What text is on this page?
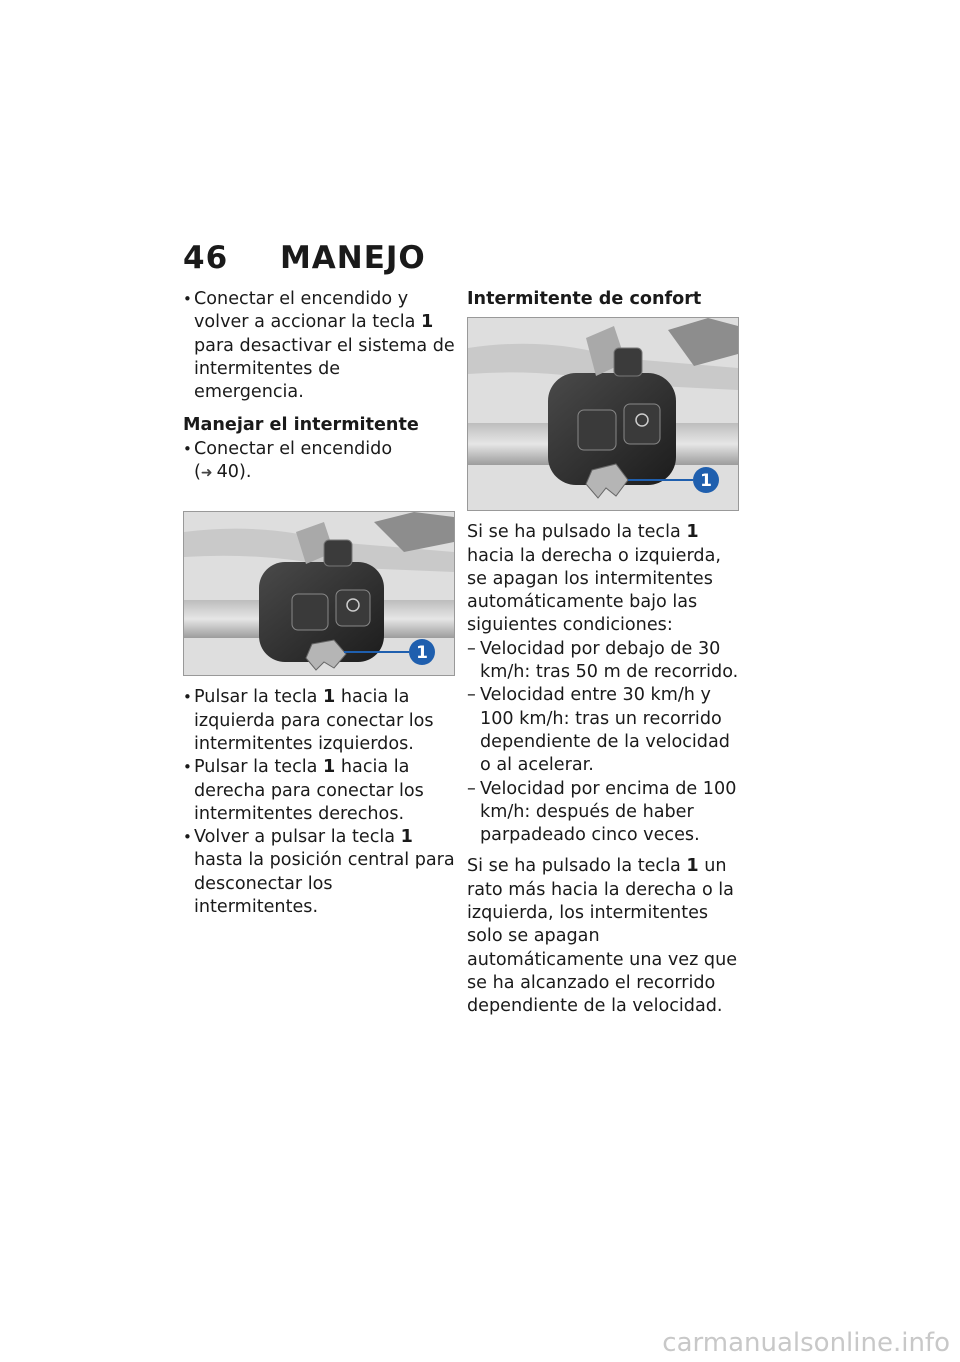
46 MANEJO
• Conectar el encendido y volver a accionar la tecla 1 para desactivar el sistema de intermitentes de emergencia.
Manejar el intermitente
• Conectar el encendido
(➜ 40).
1
• Pulsar la tecla 1 hacia la izquierda para conectar los intermitentes izquierdos.
• Pulsar la tecla 1 hacia la derecha para conectar los intermitentes derechos.
• Volver a pulsar la tecla 1 hasta la posición central para desconectar los intermitentes.
Intermitente de confort
1
Si se ha pulsado la tecla 1 hacia la derecha o izquierda, se apagan los intermitentes automáticamente bajo las siguientes condiciones:
– Velocidad por debajo de 30 km/h: tras 50 m de recorrido.
– Velocidad entre 30 km/h y 100 km/h: tras un recorrido dependiente de la velocidad o al acelerar.
– Velocidad por encima de 100 km/h: después de haber parpadeado cinco veces.
Si se ha pulsado la tecla 1 un rato más hacia la derecha o la izquierda, los intermitentes solo se apagan automáticamente una vez que se ha alcanzado el recorrido dependiente de la velocidad.
carmanualsonline.info
